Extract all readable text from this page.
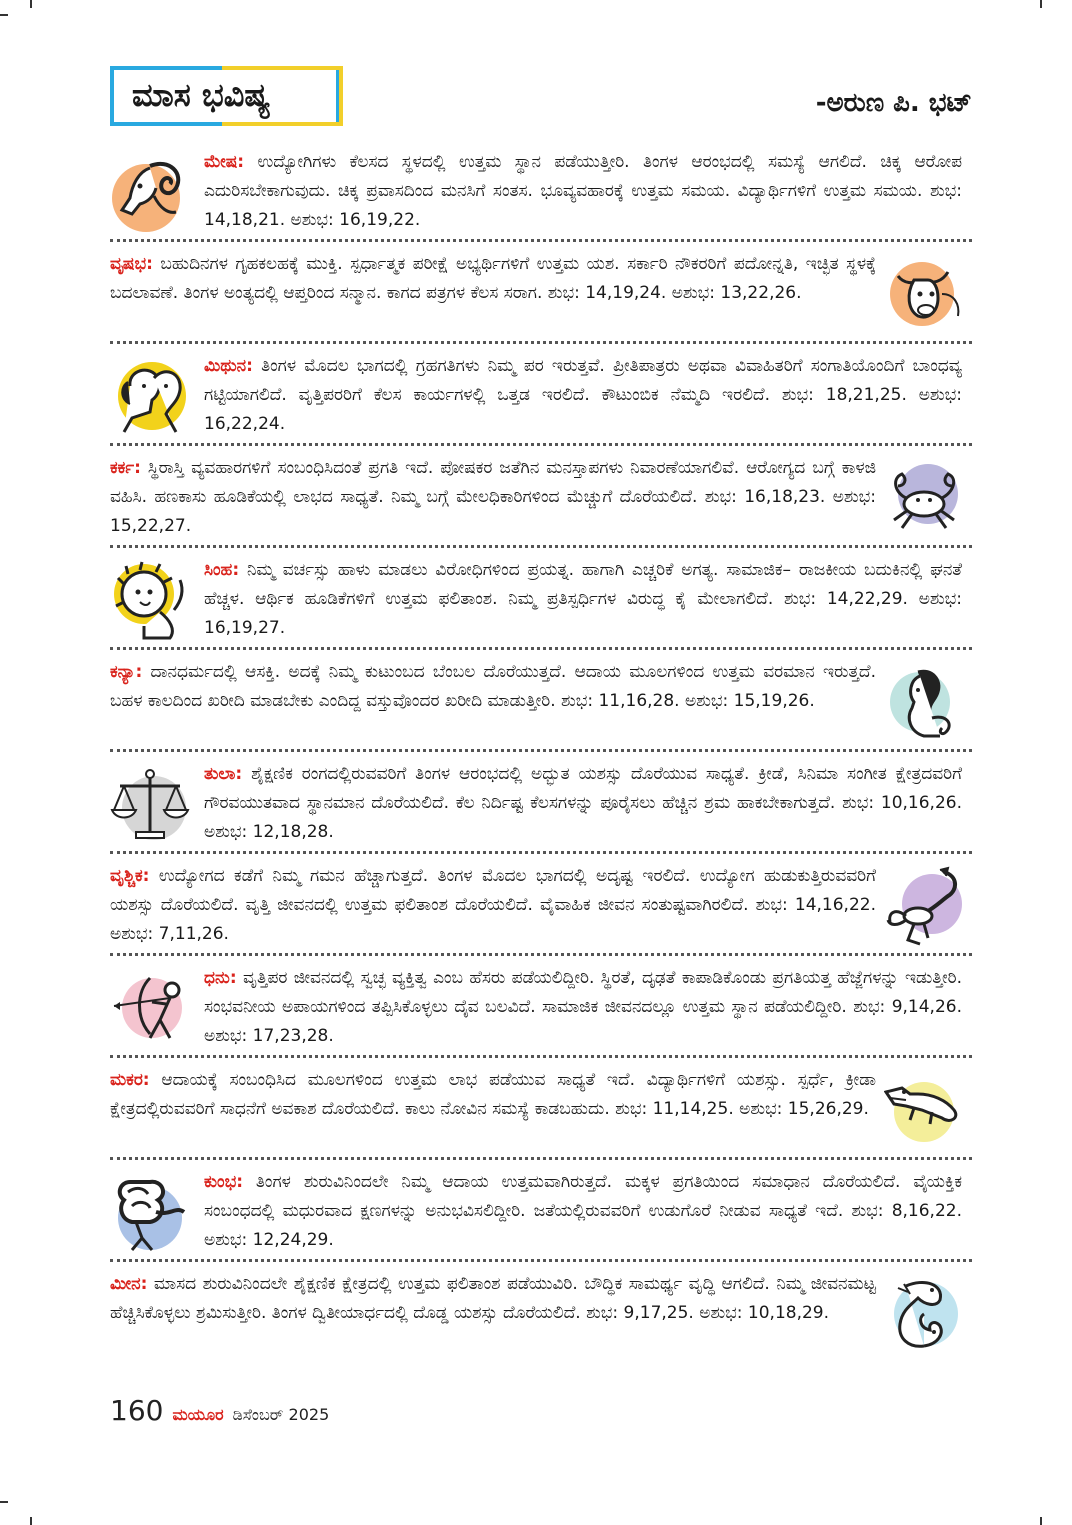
ಮಾಸ ಭವಿಷ್ಯ	-ಅರುಣ ಪಿ. ಭಟ್
ಮೇಷ: ಉದ್ಯೋಗಿಗಳು ಕೆಲಸದ ಸ್ಥಳದಲ್ಲಿ ಉತ್ತಮ ಸ್ಥಾನ ಪಡೆಯುತ್ತೀರಿ. ತಿಂಗಳ ಆರಂಭದಲ್ಲಿ ಸಮಸ್ಯೆ ಆಗಲಿದೆ. ಚಿಕ್ಕ ಆರೋಪ ಎದುರಿಸಬೇಕಾಗುವುದು. ಚಿಕ್ಕ ಪ್ರವಾಸದಿಂದ ಮನಸಿಗೆ ಸಂತಸ. ಭೂವ್ಯವಹಾರಕ್ಕೆ ಉತ್ತಮ ಸಮಯ. ವಿದ್ಯಾರ್ಥಿಗಳಿಗೆ ಉತ್ತಮ ಸಮಯ. ಶುಭ: 14,18,21. ಅಶುಭ: 16,19,22.
ವೃಷಭ: ಬಹುದಿನಗಳ ಗೃಹಕಲಹಕ್ಕೆ ಮುಕ್ತಿ. ಸ್ಪರ್ಧಾತ್ಮಕ ಪರೀಕ್ಷೆ ಅಭ್ಯರ್ಥಿಗಳಿಗೆ ಉತ್ತಮ ಯಶ. ಸರ್ಕಾರಿ ನೌಕರರಿಗೆ ಪದೋನ್ನತಿ, ಇಚ್ಛಿತ ಸ್ಥಳಕ್ಕೆ ಬದಲಾವಣೆ. ತಿಂಗಳ ಅಂತ್ಯದಲ್ಲಿ ಆಪ್ತರಿಂದ ಸನ್ಮಾನ. ಕಾಗದ ಪತ್ರಗಳ ಕೆಲಸ ಸರಾಗ. ಶುಭ: 14,19,24. ಅಶುಭ: 13,22,26.
ಮಿಥುನ: ತಿಂಗಳ ಮೊದಲ ಭಾಗದಲ್ಲಿ ಗ್ರಹಗತಿಗಳು ನಿಮ್ಮ ಪರ ಇರುತ್ತವೆ. ಪ್ರೀತಿಪಾತ್ರರು ಅಥವಾ ವಿವಾಹಿತರಿಗೆ ಸಂಗಾತಿಯೊಂದಿಗೆ ಬಾಂಧವ್ಯ ಗಟ್ಟಿಯಾಗಲಿದೆ. ವೃತ್ತಿಪರರಿಗೆ ಕೆಲಸ ಕಾರ್ಯಗಳಲ್ಲಿ ಒತ್ತಡ ಇರಲಿದೆ. ಕೌಟುಂಬಿಕ ನೆಮ್ಮದಿ ಇರಲಿದೆ. ಶುಭ: 18,21,25. ಅಶುಭ: 16,22,24.
ಕರ್ಕ: ಸ್ಥಿರಾಸ್ತಿ ವ್ಯವಹಾರಗಳಿಗೆ ಸಂಬಂಧಿಸಿದಂತೆ ಪ್ರಗತಿ ಇದೆ. ಪೋಷಕರ ಜತೆಗಿನ ಮನಸ್ತಾಪಗಳು ನಿವಾರಣೆಯಾಗಲಿವೆ. ಆರೋಗ್ಯದ ಬಗ್ಗೆ ಕಾಳಜಿ ವಹಿಸಿ. ಹಣಕಾಸು ಹೂಡಿಕೆಯಲ್ಲಿ ಲಾಭದ ಸಾಧ್ಯತೆ. ನಿಮ್ಮ ಬಗ್ಗೆ ಮೇಲಧಿಕಾರಿಗಳಿಂದ ಮೆಚ್ಚುಗೆ ದೊರೆಯಲಿದೆ. ಶುಭ: 16,18,23. ಅಶುಭ: 15,22,27.
ಸಿಂಹ: ನಿಮ್ಮ ವರ್ಚಸ್ಸು ಹಾಳು ಮಾಡಲು ವಿರೋಧಿಗಳಿಂದ ಪ್ರಯತ್ನ. ಹಾಗಾಗಿ ಎಚ್ಚರಿಕೆ ಅಗತ್ಯ. ಸಾಮಾಜಿಕ– ರಾಜಕೀಯ ಬದುಕಿನಲ್ಲಿ ಘನತೆ ಹೆಚ್ಚಳ. ಆರ್ಥಿಕ ಹೂಡಿಕೆಗಳಿಗೆ ಉತ್ತಮ ಫಲಿತಾಂಶ. ನಿಮ್ಮ ಪ್ರತಿಸ್ಪರ್ಧಿಗಳ ವಿರುದ್ಧ ಕೈ ಮೇಲಾಗಲಿದೆ. ಶುಭ: 14,22,29. ಅಶುಭ: 16,19,27.
ಕನ್ಯಾ: ದಾನಧರ್ಮದಲ್ಲಿ ಆಸಕ್ತಿ. ಅದಕ್ಕೆ ನಿಮ್ಮ ಕುಟುಂಬದ ಬೆಂಬಲ ದೊರೆಯುತ್ತದೆ. ಆದಾಯ ಮೂಲಗಳಿಂದ ಉತ್ತಮ ವರಮಾನ ಇರುತ್ತದೆ. ಬಹಳ ಕಾಲದಿಂದ ಖರೀದಿ ಮಾಡಬೇಕು ಎಂದಿದ್ದ ವಸ್ತುವೊಂದರ ಖರೀದಿ ಮಾಡುತ್ತೀರಿ. ಶುಭ: 11,16,28. ಅಶುಭ: 15,19,26.
ತುಲಾ: ಶೈಕ್ಷಣಿಕ ರಂಗದಲ್ಲಿರುವವರಿಗೆ ತಿಂಗಳ ಆರಂಭದಲ್ಲಿ ಅದ್ಭುತ ಯಶಸ್ಸು ದೊರೆಯುವ ಸಾಧ್ಯತೆ. ಕ್ರೀಡೆ, ಸಿನಿಮಾ ಸಂಗೀತ ಕ್ಷೇತ್ರದವರಿಗೆ ಗೌರವಯುತವಾದ ಸ್ಥಾನಮಾನ ದೊರೆಯಲಿದೆ. ಕೆಲ ನಿರ್ದಿಷ್ಟ ಕೆಲಸಗಳನ್ನು ಪೂರೈಸಲು ಹೆಚ್ಚಿನ ಶ್ರಮ ಹಾಕಬೇಕಾಗುತ್ತದೆ. ಶುಭ: 10,16,26. ಅಶುಭ: 12,18,28.
ವೃಶ್ಚಿಕ: ಉದ್ಯೋಗದ ಕಡೆಗೆ ನಿಮ್ಮ ಗಮನ ಹೆಚ್ಚಾಗುತ್ತದೆ. ತಿಂಗಳ ಮೊದಲ ಭಾಗದಲ್ಲಿ ಅದೃಷ್ಟ ಇರಲಿದೆ. ಉದ್ಯೋಗ ಹುಡುಕುತ್ತಿರುವವರಿಗೆ ಯಶಸ್ಸು ದೊರೆಯಲಿದೆ. ವೃತ್ತಿ ಜೀವನದಲ್ಲಿ ಉತ್ತಮ ಫಲಿತಾಂಶ ದೊರೆಯಲಿದೆ. ವೈವಾಹಿಕ ಜೀವನ ಸಂತುಷ್ಟವಾಗಿರಲಿದೆ. ಶುಭ: 14,16,22. ಅಶುಭ: 7,11,26.
ಧನು: ವೃತ್ತಿಪರ ಜೀವನದಲ್ಲಿ ಸ್ವಚ್ಛ ವ್ಯಕ್ತಿತ್ವ ಎಂಬ ಹೆಸರು ಪಡೆಯಲಿದ್ದೀರಿ. ಸ್ಥಿರತೆ, ದೃಢತೆ ಕಾಪಾಡಿಕೊಂಡು ಪ್ರಗತಿಯತ್ತ ಹೆಜ್ಜೆಗಳನ್ನು ಇಡುತ್ತೀರಿ. ಸಂಭವನೀಯ ಅಪಾಯಗಳಿಂದ ತಪ್ಪಿಸಿಕೊಳ್ಳಲು ದೈವ ಬಲವಿದೆ. ಸಾಮಾಜಿಕ ಜೀವನದಲ್ಲೂ ಉತ್ತಮ ಸ್ಥಾನ ಪಡೆಯಲಿದ್ದೀರಿ. ಶುಭ: 9,14,26. ಅಶುಭ: 17,23,28.
ಮಕರ: ಆದಾಯಕ್ಕೆ ಸಂಬಂಧಿಸಿದ ಮೂಲಗಳಿಂದ ಉತ್ತಮ ಲಾಭ ಪಡೆಯುವ ಸಾಧ್ಯತೆ ಇದೆ. ವಿದ್ಯಾರ್ಥಿಗಳಿಗೆ ಯಶಸ್ಸು. ಸ್ಪರ್ಧೆ, ಕ್ರೀಡಾ ಕ್ಷೇತ್ರದಲ್ಲಿರುವವರಿಗೆ ಸಾಧನೆಗೆ ಅವಕಾಶ ದೊರೆಯಲಿದೆ. ಕಾಲು ನೋವಿನ ಸಮಸ್ಯೆ ಕಾಡಬಹುದು. ಶುಭ: 11,14,25. ಅಶುಭ: 15,26,29.
ಕುಂಭ: ತಿಂಗಳ ಶುರುವಿನಿಂದಲೇ ನಿಮ್ಮ ಆದಾಯ ಉತ್ತಮವಾಗಿರುತ್ತದೆ. ಮಕ್ಕಳ ಪ್ರಗತಿಯಿಂದ ಸಮಾಧಾನ ದೊರೆಯಲಿದೆ. ವೈಯಕ್ತಿಕ ಸಂಬಂಧದಲ್ಲಿ ಮಧುರವಾದ ಕ್ಷಣಗಳನ್ನು ಅನುಭವಿಸಲಿದ್ದೀರಿ. ಜತೆಯಲ್ಲಿರುವವರಿಗೆ ಉಡುಗೊರೆ ನೀಡುವ ಸಾಧ್ಯತೆ ಇದೆ. ಶುಭ: 8,16,22. ಅಶುಭ: 12,24,29.
ಮೀನ: ಮಾಸದ ಶುರುವಿನಿಂದಲೇ ಶೈಕ್ಷಣಿಕ ಕ್ಷೇತ್ರದಲ್ಲಿ ಉತ್ತಮ ಫಲಿತಾಂಶ ಪಡೆಯುವಿರಿ. ಬೌದ್ಧಿಕ ಸಾಮರ್ಥ್ಯ ವೃದ್ಧಿ ಆಗಲಿದೆ. ನಿಮ್ಮ ಜೀವನಮಟ್ಟ ಹೆಚ್ಚಿಸಿಕೊಳ್ಳಲು ಶ್ರಮಿಸುತ್ತೀರಿ. ತಿಂಗಳ ದ್ವಿತೀಯಾರ್ಧದಲ್ಲಿ ದೊಡ್ಡ ಯಶಸ್ಸು ದೊರೆಯಲಿದೆ. ಶುಭ: 9,17,25. ಅಶುಭ: 10,18,29.
160 ಮಯೂರ ಡಿಸೆಂಬರ್ 2025
